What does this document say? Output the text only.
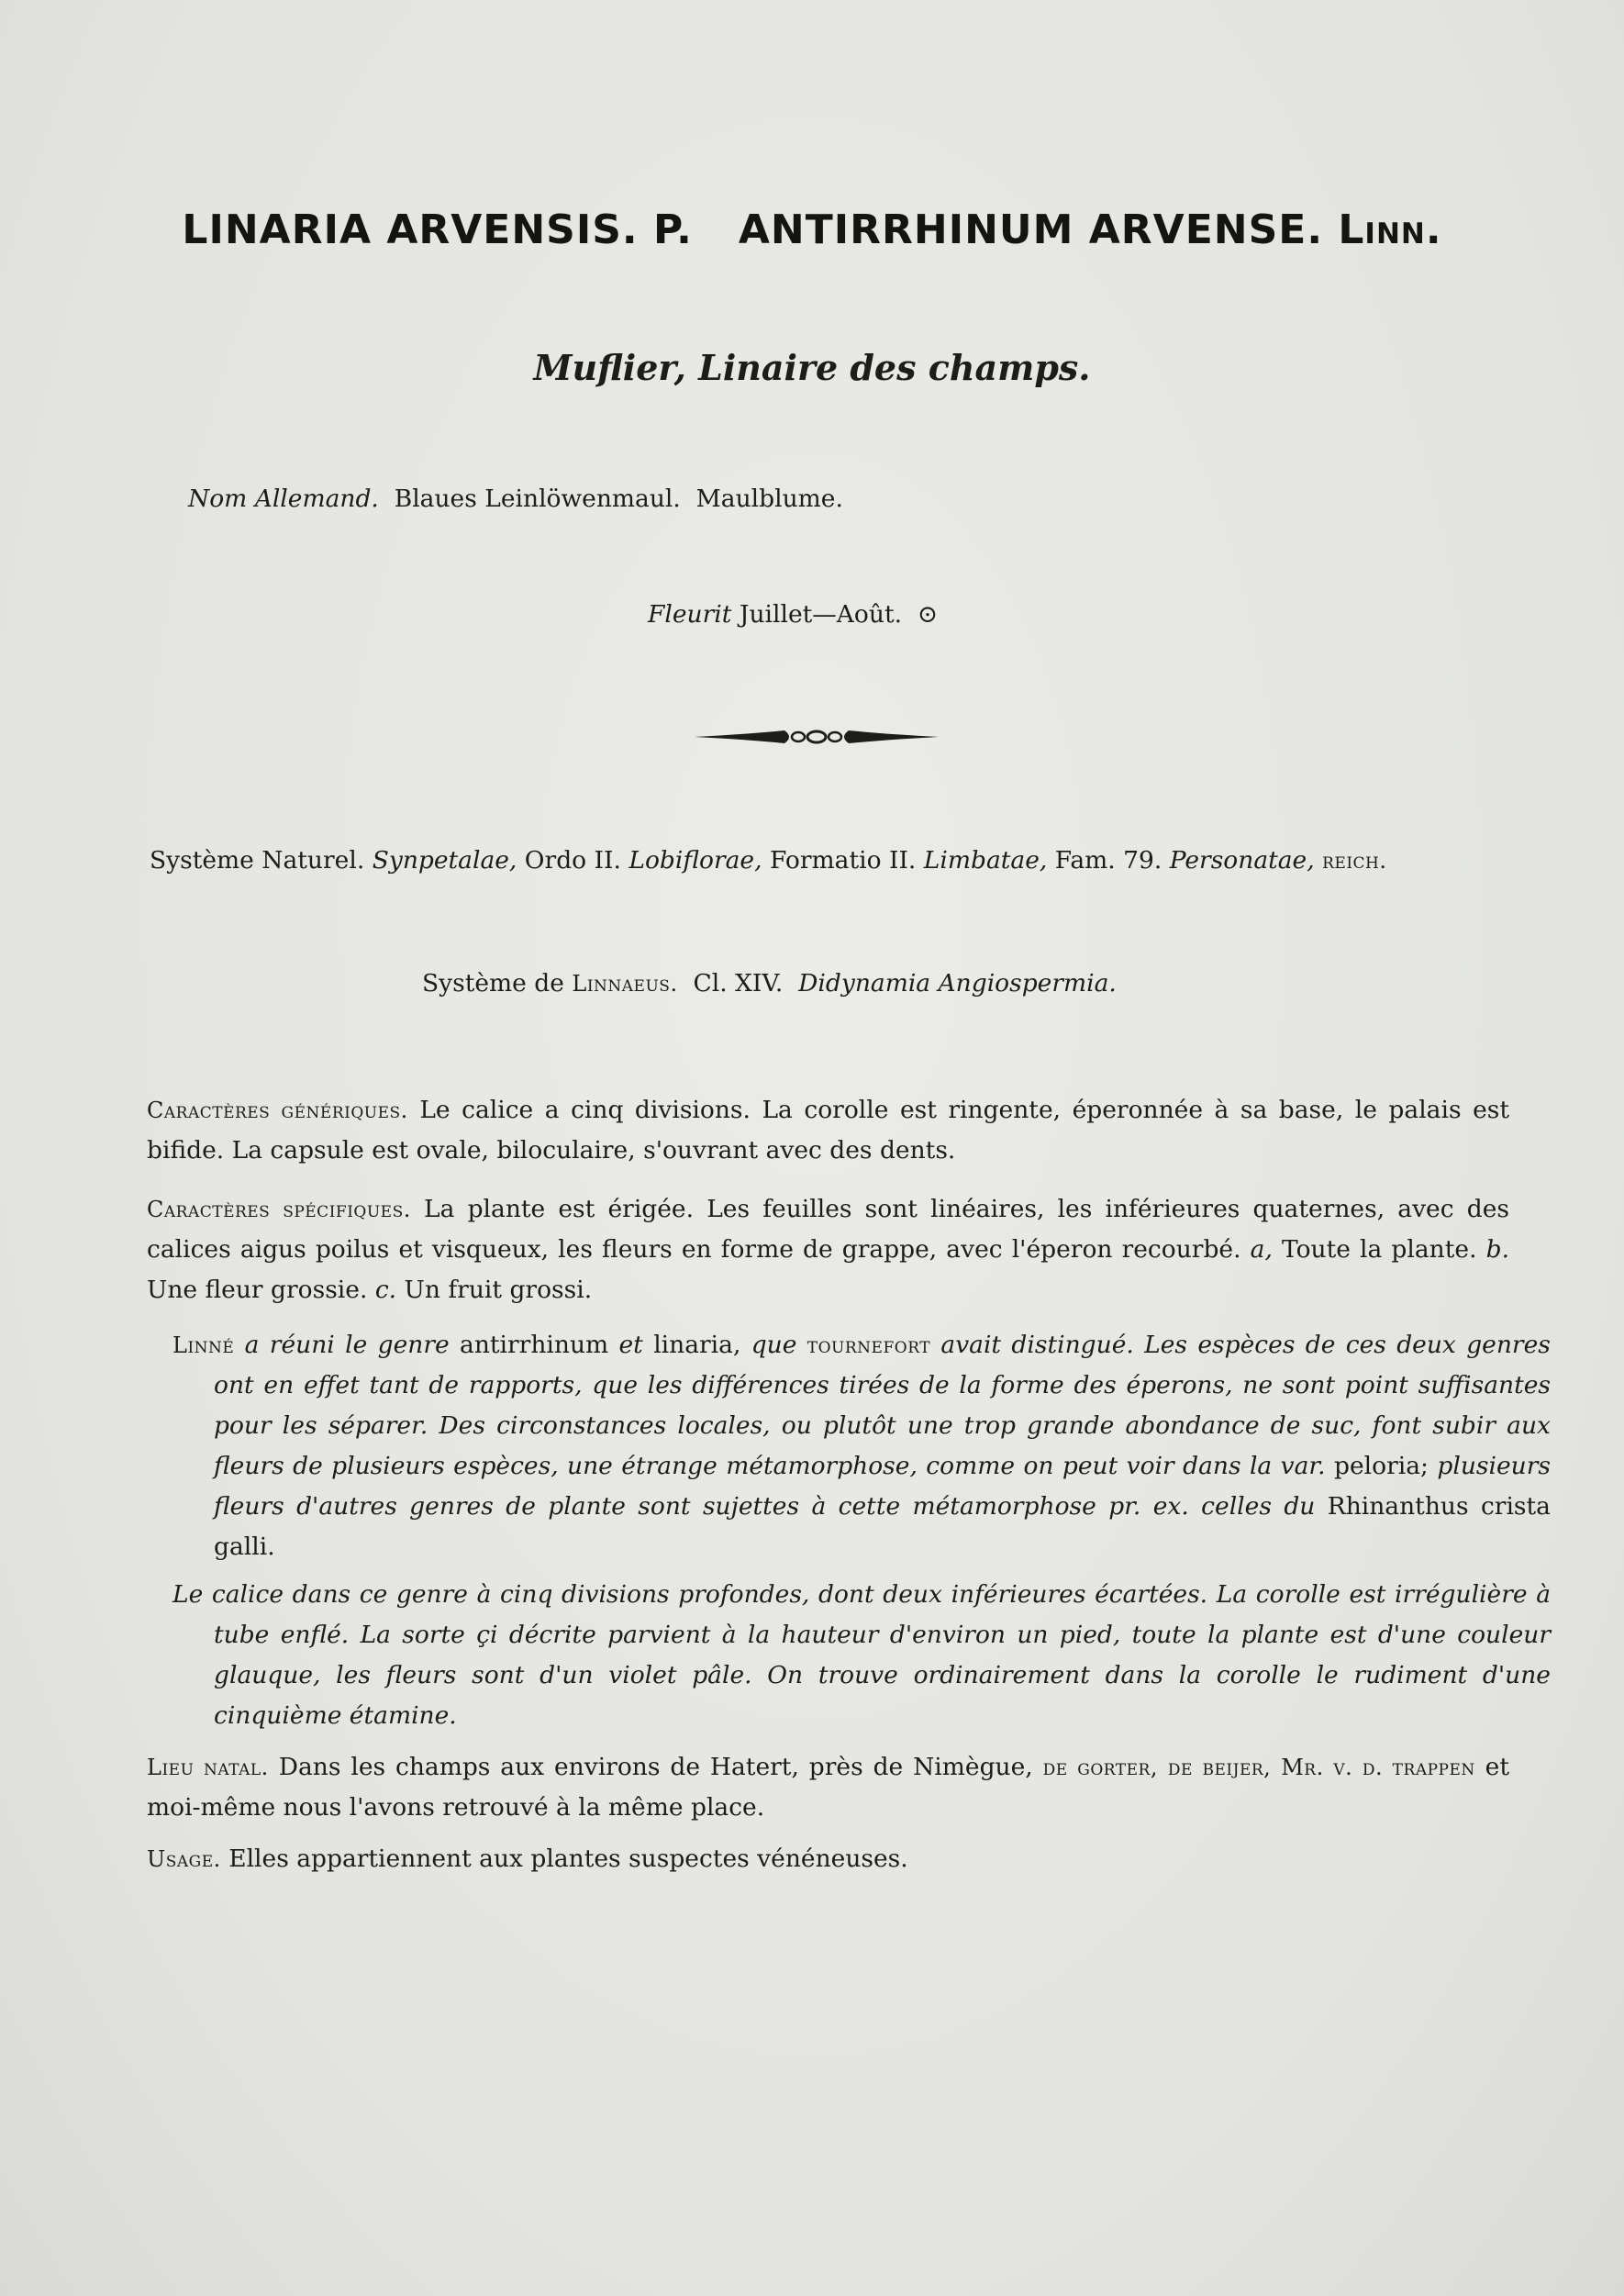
LINARIA ARVENSIS. P. ANTIRRHINUM ARVENSE. Linn.
Muflier, Linaire des champs.
Nom Allemand. Blaues Leinlöwenmaul.  Maulblume.
Fleurit Juillet—Août. ⊙
Système Naturel. Synpetalae, Ordo II. Lobiflorae, Formatio II. Limbatae, Fam. 79. Personatae, reich.
Système de Linnaeus. Cl. XIV. Didynamia Angiospermia.
Caractères génériques. Le calice a cinq divisions. La corolle est ringente, éperonnée à sa base, le palais est bifide. La capsule est ovale, biloculaire, s'ouvrant avec des dents.
Caractères spécifiques. La plante est érigée. Les feuilles sont linéaires, les inférieures quaternes, avec des calices aigus poilus et visqueux, les fleurs en forme de grappe, avec l'éperon recourbé. a, Toute la plante. b. Une fleur grossie. c. Un fruit grossi.
Linné a réuni le genre antirrhinum et linaria, que tournefort avait distingué. Les espèces de ces deux genres ont en effet tant de rapports, que les différences tirées de la forme des éperons, ne sont point suffisantes pour les séparer. Des circonstances locales, ou plutôt une trop grande abondance de suc, font subir aux fleurs de plusieurs espèces, une étrange métamorphose, comme on peut voir dans la var. peloria; plusieurs fleurs d'autres genres de plante sont sujettes à cette métamorphose pr. ex. celles du Rhinanthus crista galli.
Le calice dans ce genre à cinq divisions profondes, dont deux inférieures écartées. La corolle est irrégulière à tube enflé. La sorte çi décrite parvient à la hauteur d'environ un pied, toute la plante est d'une couleur glauque, les fleurs sont d'un violet pâle. On trouve ordinairement dans la corolle le rudiment d'une cinquième étamine.
Lieu natal. Dans les champs aux environs de Hatert, près de Nimègue, de gorter, de beijer, Mr. v. d. trappen et moi-même nous l'avons retrouvé à la même place.
Usage. Elles appartiennent aux plantes suspectes vénéneuses.
